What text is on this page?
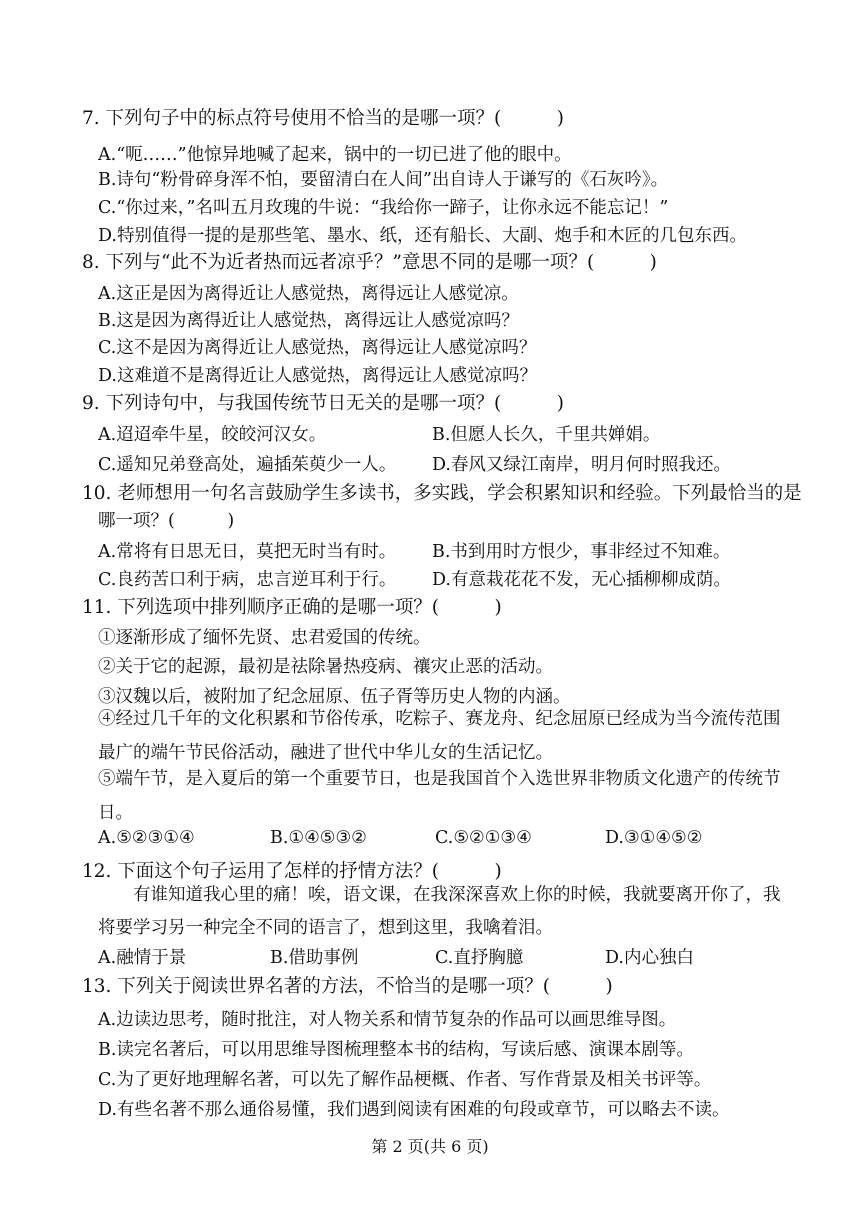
7. 下列句子中的标点符号使用不恰当的是哪一项？(　　　)
A.“呃……”他惊异地喊了起来，锅中的一切已进了他的眼中。
B.诗句“粉骨碎身浑不怕，要留清白在人间”出自诗人于谦写的《石灰吟》。
C.“你过来，”名叫五月玫瑰的牛说：“我给你一蹄子，让你永远不能忘记！”
D.特别值得一提的是那些笔、墨水、纸，还有船长、大副、炮手和木匠的几包东西。
8. 下列与“此不为近者热而远者凉乎？”意思不同的是哪一项？(　　　)
A.这正是因为离得近让人感觉热，离得远让人感觉凉。
B.这是因为离得近让人感觉热，离得远让人感觉凉吗？
C.这不是因为离得近让人感觉热，离得远让人感觉凉吗？
D.这难道不是离得近让人感觉热，离得远让人感觉凉吗？
9. 下列诗句中，与我国传统节日无关的是哪一项？(　　　)
A.迢迢牵牛星，皎皎河汉女。	B.但愿人长久，千里共婵娟。
C.遥知兄弟登高处，遍插茱萸少一人。 D.春风又绿江南岸，明月何时照我还。
10. 老师想用一句名言鼓励学生多读书，多实践，学会积累知识和经验。下列最恰当的是
哪一项？(　　　)
A.常将有日思无日，莫把无时当有时。 B.书到用时方恨少，事非经过不知难。
C.良药苦口利于病，忠言逆耳利于行。 D.有意栽花花不发，无心插柳柳成荫。
11. 下列选项中排列顺序正确的是哪一项？(　　　)
①逐渐形成了缅怀先贤、忠君爱国的传统。
②关于它的起源，最初是祛除暑热疫病、禳灾止恶的活动。
③汉魏以后，被附加了纪念屈原、伍子胥等历史人物的内涵。
④经过几千年的文化积累和节俗传承，吃粽子、赛龙舟、纪念屈原已经成为当今流传范围最广的端午节民俗活动，融进了世代中华儿女的生活记忆。
⑤端午节，是入夏后的第一个重要节日，也是我国首个入选世界非物质文化遗产的传统节日。
A.⑤②③①④	B.①④⑤③②	C.⑤②①③④	D.③①④⑤②
12. 下面这个句子运用了怎样的抒情方法？(　　　)
有谁知道我心里的痛！唉，语文课，在我深深喜欢上你的时候，我就要离开你了，我将要学习另一种完全不同的语言了，想到这里，我噙着泪。
A.融情于景	B.借助事例	C.直抒胸臆	D.内心独白
13. 下列关于阅读世界名著的方法，不恰当的是哪一项？(　　　)
A.边读边思考，随时批注，对人物关系和情节复杂的作品可以画思维导图。
B.读完名著后，可以用思维导图梳理整本书的结构，写读后感、演课本剧等。
C.为了更好地理解名著，可以先了解作品梗概、作者、写作背景及相关书评等。
D.有些名著不那么通俗易懂，我们遇到阅读有困难的句段或章节，可以略去不读。
第 2 页(共 6 页)
